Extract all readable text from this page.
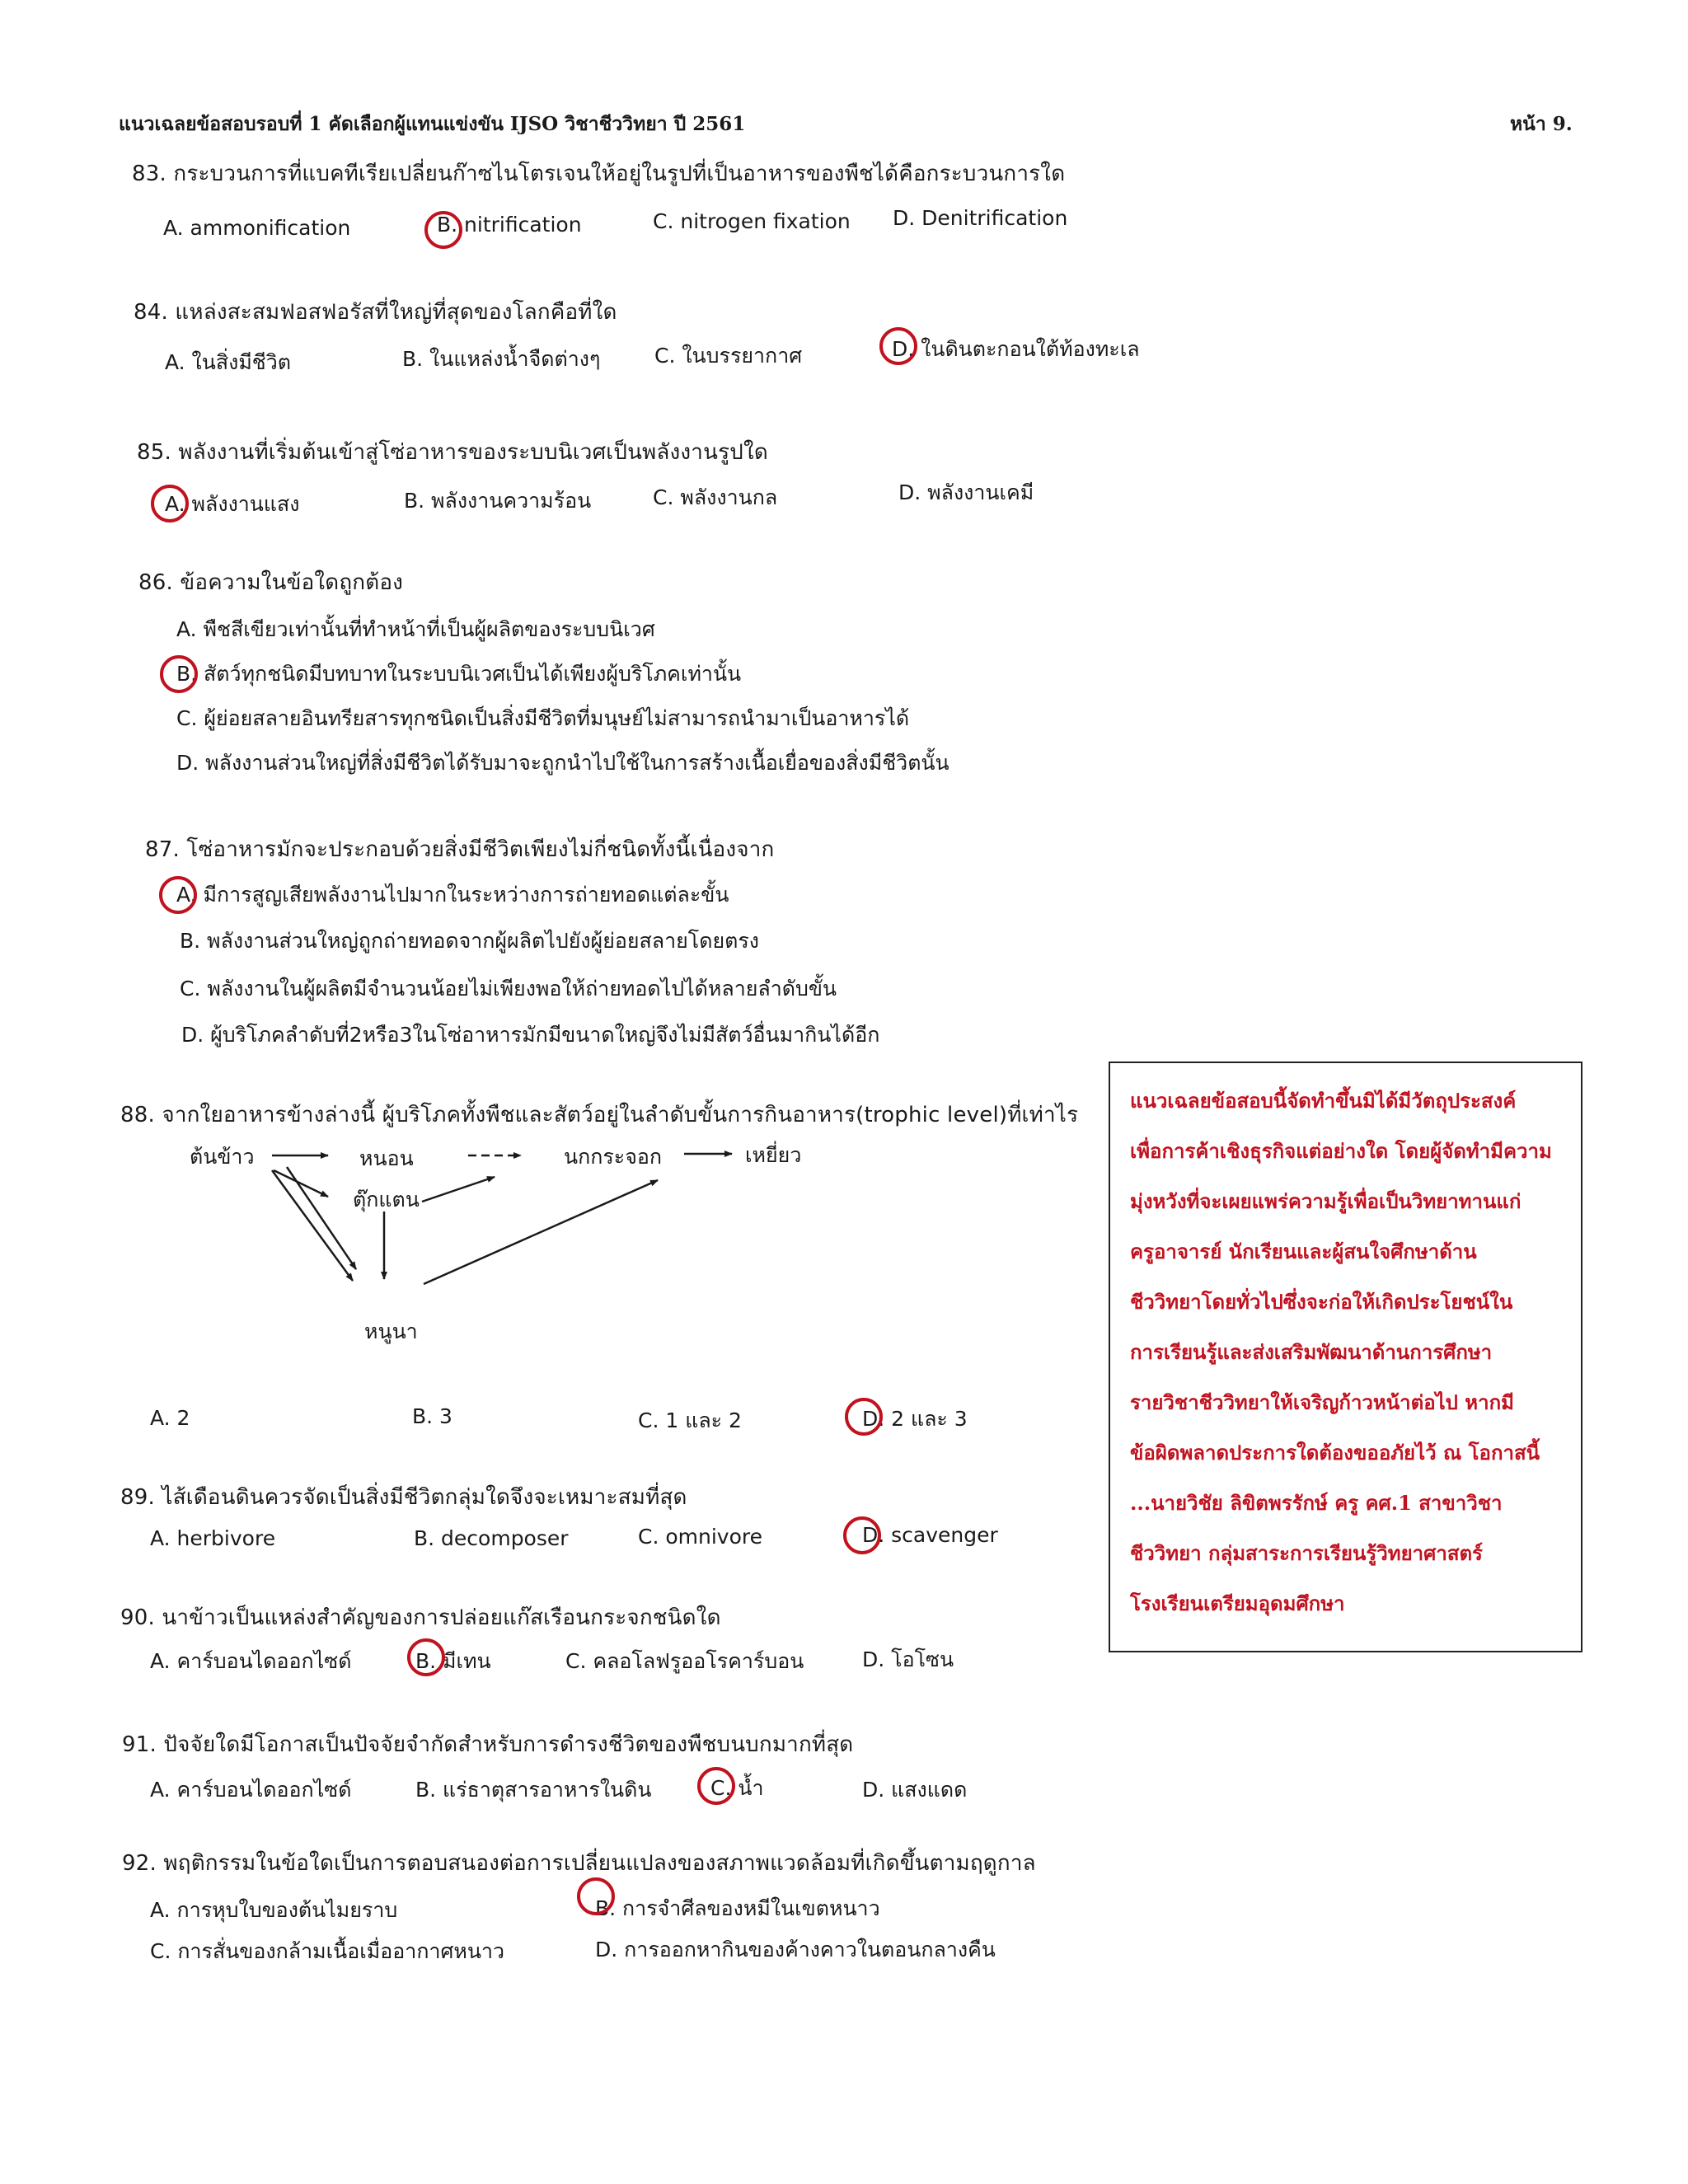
แนวเฉลยข้อสอบรอบที่ 1 คัดเลือกผู้แทนแข่งขัน IJSO วิชาชีววิทยา ปี 2561	หน้า 9.
83. กระบวนการที่แบคทีเรียเปลี่ยนก๊าซไนโตรเจนให้อยู่ในรูปที่เป็นอาหารของพืชได้คือกระบวนการใด
A. ammonification	B. nitrification	C. nitrogen fixation D. Denitrification
84. แหล่งสะสมฟอสฟอรัสที่ใหญ่ที่สุดของโลกคือที่ใด
A. ในสิ่งมีชีวิต	B. ในแหล่งน้ำจืดต่างๆ	C. ในบรรยากาศ	D. ในดินตะกอนใต้ท้องทะเล
85. พลังงานที่เริ่มต้นเข้าสู่โซ่อาหารของระบบนิเวศเป็นพลังงานรูปใด
A. พลังงานแสง	B. พลังงานความร้อน	C. พลังงานกล	D. พลังงานเคมี
86. ข้อความในข้อใดถูกต้อง
A. พืชสีเขียวเท่านั้นที่ทำหน้าที่เป็นผู้ผลิตของระบบนิเวศ
B. สัตว์ทุกชนิดมีบทบาทในระบบนิเวศเป็นได้เพียงผู้บริโภคเท่านั้น
C. ผู้ย่อยสลายอินทรียสารทุกชนิดเป็นสิ่งมีชีวิตที่มนุษย์ไม่สามารถนำมาเป็นอาหารได้
D. พลังงานส่วนใหญ่ที่สิ่งมีชีวิตได้รับมาจะถูกนำไปใช้ในการสร้างเนื้อเยื่อของสิ่งมีชีวิตนั้น
87. โซ่อาหารมักจะประกอบด้วยสิ่งมีชีวิตเพียงไม่กี่ชนิดทั้งนี้เนื่องจาก
A. มีการสูญเสียพลังงานไปมากในระหว่างการถ่ายทอดแต่ละขั้น
B. พลังงานส่วนใหญ่ถูกถ่ายทอดจากผู้ผลิตไปยังผู้ย่อยสลายโดยตรง
C. พลังงานในผู้ผลิตมีจำนวนน้อยไม่เพียงพอให้ถ่ายทอดไปได้หลายลำดับขั้น
D. ผู้บริโภคลำดับที่2หรือ3ในโซ่อาหารมักมีขนาดใหญ่จึงไม่มีสัตว์อื่นมากินได้อีก
88. จากใยอาหารข้างล่างนี้ ผู้บริโภคทั้งพืชและสัตว์อยู่ในลำดับขั้นการกินอาหาร(trophic level)ที่เท่าไร
ต้นข้าว	หนอน	นกกระจอก	เหยี่ยว
ตุ๊กแตน
หนูนา
A. 2	B. 3	C. 1 และ 2	D. 2 และ 3
89. ไส้เดือนดินควรจัดเป็นสิ่งมีชีวิตกลุ่มใดจึงจะเหมาะสมที่สุด
A. herbivore	B. decomposer	C. omnivore	D. scavenger
90. นาข้าวเป็นแหล่งสำคัญของการปล่อยแก๊สเรือนกระจกชนิดใด
A. คาร์บอนไดออกไซด์	B. มีเทน	C. คลอโลฟรูออโรคาร์บอน	D. โอโซน
91. ปัจจัยใดมีโอกาสเป็นปัจจัยจำกัดสำหรับการดำรงชีวิตของพืชบนบกมากที่สุด
A. คาร์บอนไดออกไซด์	B. แร่ธาตุสารอาหารในดิน	C. น้ำ	D. แสงแดด
92. พฤติกรรมในข้อใดเป็นการตอบสนองต่อการเปลี่ยนแปลงของสภาพแวดล้อมที่เกิดขึ้นตามฤดูกาล
A. การหุบใบของต้นไมยราบ	B. การจำศีลของหมีในเขตหนาว
C. การสั่นของกล้ามเนื้อเมื่ออากาศหนาว	D. การออกหากินของค้างคาวในตอนกลางคืน
แนวเฉลยข้อสอบนี้จัดทำขึ้นมิได้มีวัตถุประสงค์
เพื่อการค้าเชิงธุรกิจแต่อย่างใด โดยผู้จัดทำมีความ
มุ่งหวังที่จะเผยแพร่ความรู้เพื่อเป็นวิทยาทานแก่
ครูอาจารย์ นักเรียนและผู้สนใจศึกษาด้าน
ชีววิทยาโดยทั่วไปซึ่งจะก่อให้เกิดประโยชน์ใน
การเรียนรู้และส่งเสริมพัฒนาด้านการศึกษา
รายวิชาชีววิทยาให้เจริญก้าวหน้าต่อไป หากมี
ข้อผิดพลาดประการใดต้องขออภัยไว้ ณ โอกาสนี้
...นายวิชัย ลิขิตพรรักษ์ ครู คศ.1 สาขาวิชา
ชีววิทยา กลุ่มสาระการเรียนรู้วิทยาศาสตร์
โรงเรียนเตรียมอุดมศึกษา
